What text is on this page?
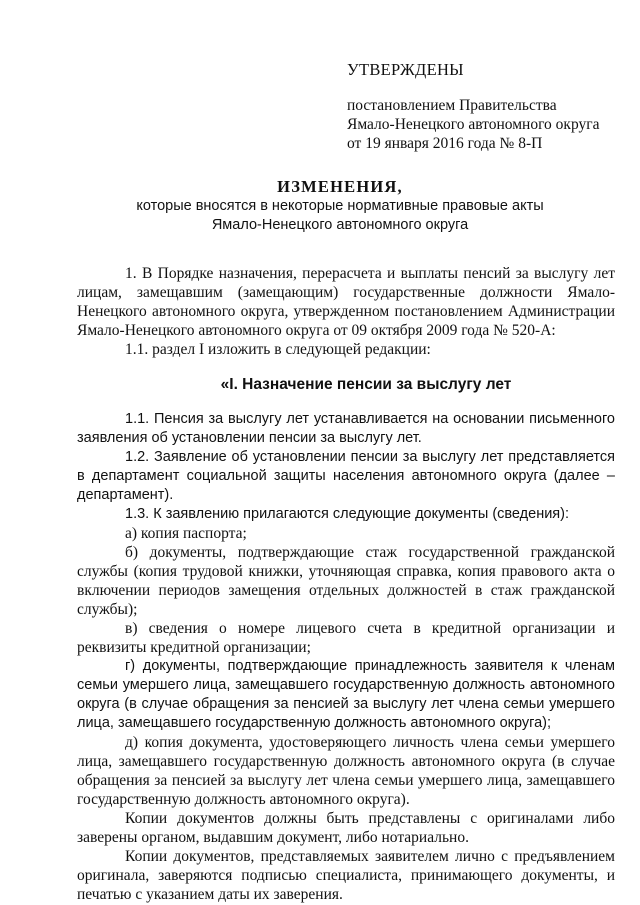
УТВЕРЖДЕНЫ
постановлением Правительства
Ямало-Ненецкого автономного округа
от 19 января 2016 года № 8-П
ИЗМЕНЕНИЯ,
которые вносятся в некоторые нормативные правовые акты
Ямало-Ненецкого автономного округа

1. В Порядке назначения, перерасчета и выплаты пенсий за выслугу лет лицам, замещавшим (замещающим) государственные должности Ямало-Ненецкого автономного округа, утвержденном постановлением Администрации Ямало-Ненецкого автономного округа от 09 октября 2009 года № 520-А:

1.1. раздел I изложить в следующей редакции:

«I. Назначение пенсии за выслугу лет

1.1. Пенсия за выслугу лет устанавливается на основании письменного заявления об установлении пенсии за выслугу лет.

1.2. Заявление об установлении пенсии за выслугу лет представляется в департамент социальной защиты населения автономного округа (далее – департамент).

1.3. К заявлению прилагаются следующие документы (сведения):

а) копия паспорта;

б) документы, подтверждающие стаж государственной гражданской службы (копия трудовой книжки, уточняющая справка, копия правового акта о включении периодов замещения отдельных должностей в стаж гражданской службы);

в) сведения о номере лицевого счета в кредитной организации и реквизиты кредитной организации;

г) документы, подтверждающие принадлежность заявителя к членам семьи умершего лица, замещавшего государственную должность автономного округа (в случае обращения за пенсией за выслугу лет члена семьи умершего лица, замещавшего государственную должность автономного округа);

д) копия документа, удостоверяющего личность члена семьи умершего лица, замещавшего государственную должность автономного округа (в случае обращения за пенсией за выслугу лет члена семьи умершего лица, замещавшего государственную должность автономного округа).

Копии документов должны быть представлены с оригиналами либо заверены органом, выдавшим документ, либо нотариально.

Копии документов, представляемых заявителем лично с предъявлением оригинала, заверяются подписью специалиста, принимающего документы, и печатью с указанием даты их заверения.
